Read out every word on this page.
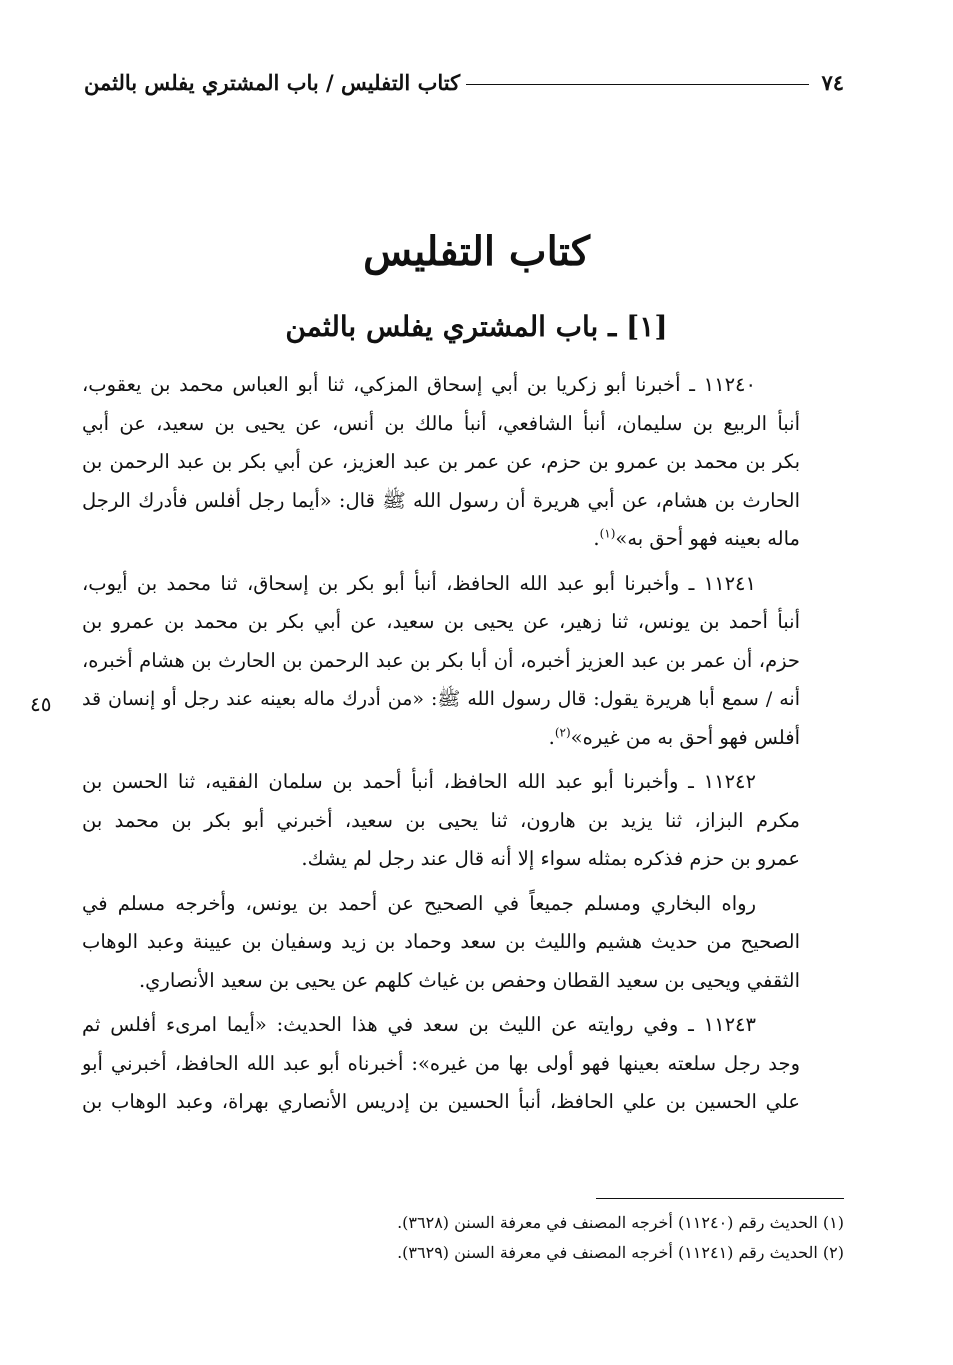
٧٤
كتاب التفليس / باب المشتري يفلس بالثمن
كتاب التفليس
[١] ـ باب المشتري يفلس بالثمن
٤٥
١١٢٤٠ ـ أخبرنا أبو زكريا بن أبي إسحاق المزكي، ثنا أبو العباس محمد بن يعقوب،
أنبأ الربيع بن سليمان، أنبأ الشافعي، أنبأ مالك بن أنس، عن يحيى بن سعيد، عن أبي
بكر بن محمد بن عمرو بن حزم، عن عمر بن عبد العزيز، عن أبي بكر بن عبد الرحمن بن
الحارث بن هشام، عن أبي هريرة أن رسول الله ﷺ قال: «أيما رجل أفلس فأدرك الرجل
ماله بعينه فهو أحق به»$^{(١)}$.
١١٢٤١ ـ وأخبرنا أبو عبد الله الحافظ، أنبأ أبو بكر بن إسحاق، ثنا محمد بن أيوب،
أنبأ أحمد بن يونس، ثنا زهير، عن يحيى بن سعيد، عن أبي بكر بن محمد بن عمرو بن
حزم، أن عمر بن عبد العزيز أخبره، أن أبا بكر بن عبد الرحمن بن الحارث بن هشام أخبره،
أنه / سمع أبا هريرة يقول: قال رسول الله ﷺ: «من أدرك ماله بعينه عند رجل أو إنسان قد
أفلس فهو أحق به من غيره»$^{(٢)}$.
١١٢٤٢ ـ وأخبرنا أبو عبد الله الحافظ، أنبأ أحمد بن سلمان الفقيه، ثنا الحسن بن
مكرم البزاز، ثنا يزيد بن هارون، ثنا يحيى بن سعيد، أخبرني أبو بكر بن محمد بن
عمرو بن حزم فذكره بمثله سواء إلا أنه قال عند رجل لم يشك.
رواه البخاري ومسلم جميعاً في الصحيح عن أحمد بن يونس، وأخرجه مسلم في
الصحيح من حديث هشيم والليث بن سعد وحماد بن زيد وسفيان بن عيينة وعبد الوهاب
الثقفي ويحيى بن سعيد القطان وحفص بن غياث كلهم عن يحيى بن سعيد الأنصاري.
١١٢٤٣ ـ وفي روايته عن الليث بن سعد في هذا الحديث: «أيما امرىء أفلس ثم
وجد رجل سلعته بعينها فهو أولى بها من غيره»: أخبرناه أبو عبد الله الحافظ، أخبرني أبو
علي الحسين بن علي الحافظ، أنبأ الحسين بن إدريس الأنصاري بهراة، وعبد الوهاب بن
(١) الحديث رقم (١١٢٤٠) أخرجه المصنف في معرفة السنن (٣٦٢٨).
(٢) الحديث رقم (١١٢٤١) أخرجه المصنف في معرفة السنن (٣٦٢٩).
